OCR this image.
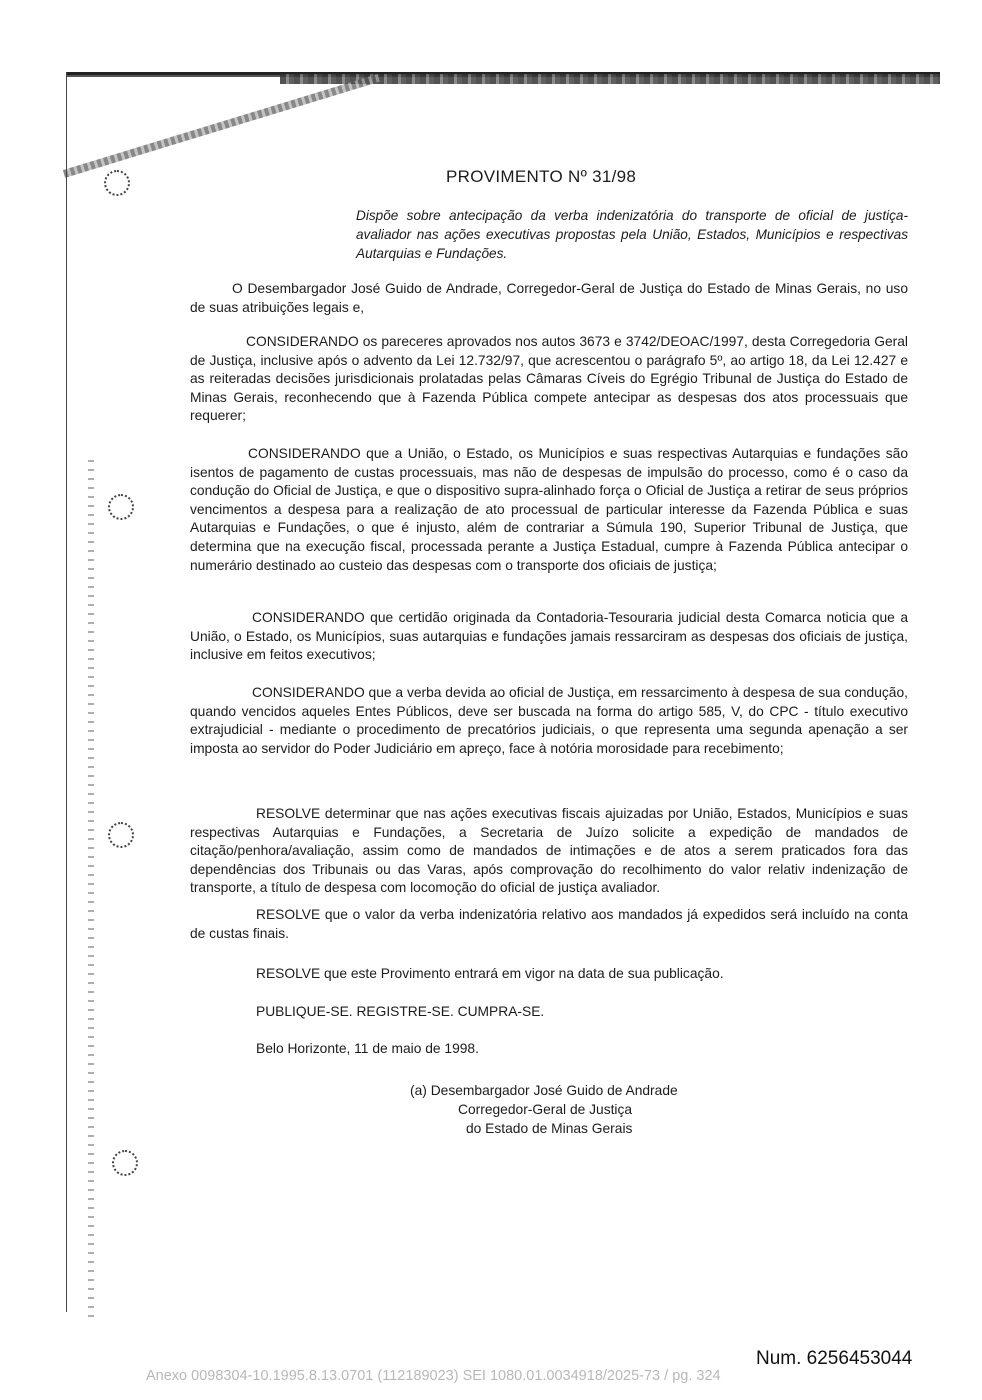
PROVIMENTO Nº 31/98
Dispõe sobre antecipação da verba indenizatória do transporte de oficial de justiça-avaliador nas ações executivas propostas pela União, Estados, Municípios e respectivas Autarquias e Fundações.
O Desembargador José Guido de Andrade, Corregedor-Geral de Justiça do Estado de Minas Gerais, no uso de suas atribuições legais e,
CONSIDERANDO os pareceres aprovados nos autos 3673 e 3742/DEOAC/1997, desta Corregedoria Geral de Justiça, inclusive após o advento da Lei 12.732/97, que acrescentou o parágrafo 5º, ao artigo 18, da Lei 12.427 e as reiteradas decisões jurisdicionais prolatadas pelas Câmaras Cíveis do Egrégio Tribunal de Justiça do Estado de Minas Gerais, reconhecendo que à Fazenda Pública compete antecipar as despesas dos atos processuais que requerer;
CONSIDERANDO que a União, o Estado, os Municípios e suas respectivas Autarquias e fundações são isentos de pagamento de custas processuais, mas não de despesas de impulsão do processo, como é o caso da condução do Oficial de Justiça, e que o dispositivo supra-alinhado força o Oficial de Justiça a retirar de seus próprios vencimentos a despesa para a realização de ato processual de particular interesse da Fazenda Pública e suas Autarquias e Fundações, o que é injusto, além de contrariar a Súmula 190, Superior Tribunal de Justiça, que determina que na execução fiscal, processada perante a Justiça Estadual, cumpre à Fazenda Pública antecipar o numerário destinado ao custeio das despesas com o transporte dos oficiais de justiça;
CONSIDERANDO que certidão originada da Contadoria-Tesouraria judicial desta Comarca noticia que a União, o Estado, os Municípios, suas autarquias e fundações jamais ressarciram as despesas dos oficiais de justiça, inclusive em feitos executivos;
CONSIDERANDO que a verba devida ao oficial de Justiça, em ressarcimento à despesa de sua condução, quando vencidos aqueles Entes Públicos, deve ser buscada na forma do artigo 585, V, do CPC - título executivo extrajudicial - mediante o procedimento de precatórios judiciais, o que representa uma segunda apenação a ser imposta ao servidor do Poder Judiciário em apreço, face à notória morosidade para recebimento;
RESOLVE determinar que nas ações executivas fiscais ajuizadas por União, Estados, Municípios e suas respectivas Autarquias e Fundações, a Secretaria de Juízo solicite a expedição de mandados de citação/penhora/avaliação, assim como de mandados de intimações e de atos a serem praticados fora das dependências dos Tribunais ou das Varas, após comprovação do recolhimento do valor relativ indenização de transporte, a título de despesa com locomoção do oficial de justiça avaliador.
RESOLVE que o valor da verba indenizatória relativo aos mandados já expedidos será incluído na conta de custas finais.
RESOLVE que este Provimento entrará em vigor na data de sua publicação.
PUBLIQUE-SE. REGISTRE-SE. CUMPRA-SE.
Belo Horizonte, 11 de maio de 1998.
(a) Desembargador José Guido de Andrade
Corregedor-Geral de Justiça
do Estado de Minas Gerais
Num. 6256453044
Anexo 0098304-10.1995.8.13.0701 (112189023) SEI 1080.01.0034918/2025-73 / pg. 324
